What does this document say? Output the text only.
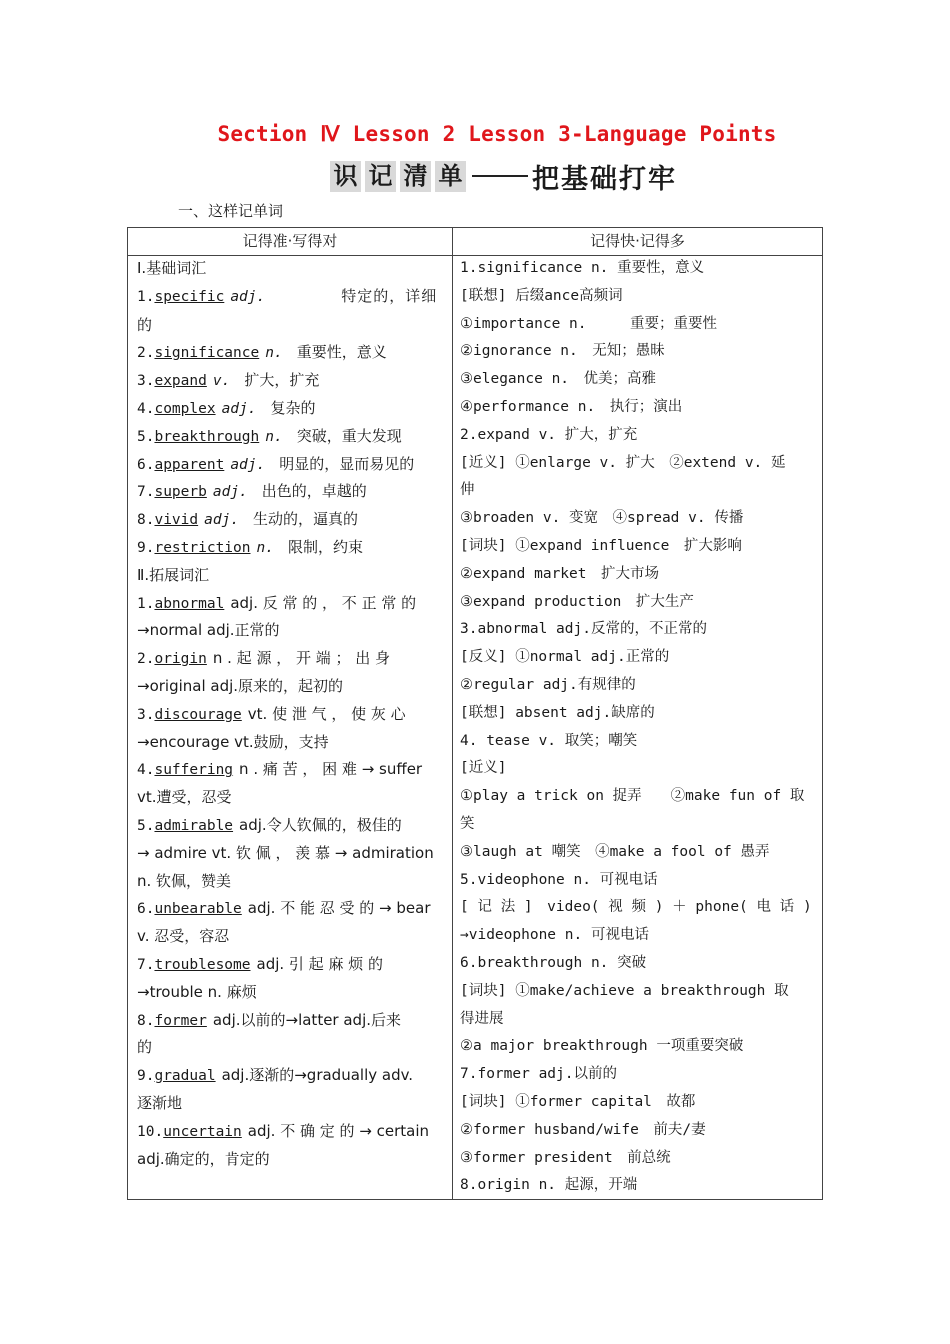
Section Ⅳ Lesson 2 Lesson 3-Language Points
识 记 清 单	把基础打牢
一、这样记单词
记得准·写得对	记得快·记得多
Ⅰ.基础词汇
1.specific adj.	特定的，详细的
2.significance n. 重要性，意义
3.expand v. 扩大，扩充
4.complex adj. 复杂的
5.breakthrough n. 突破，重大发现
6.apparent adj. 明显的，显而易见的
7.superb adj. 出色的，卓越的
8.vivid adj. 生动的，逼真的
9.restriction n. 限制，约束
Ⅱ.拓展词汇
1.abnormal adj. 反 常 的 ， 不 正 常 的
→normal adj.正常的
2.origin n . 起 源 ， 开 端 ； 出 身
→original adj.原来的，起初的
3.discourage vt. 使 泄 气 ， 使 灰 心
→encourage vt.鼓励，支持
4.suffering n . 痛 苦 ， 困 难 → suffer
vt.遭受，忍受
5.admirable adj.令人钦佩的，极佳的
→ admire vt. 钦 佩 ， 羡 慕 → admiration
n. 钦佩，赞美
6.unbearable adj. 不 能 忍 受 的 → bear
v. 忍受，容忍
7.troublesome adj. 引 起 麻 烦 的
→trouble n. 麻烦
8.former adj.以前的→latter adj.后来
的
9.gradual adj.逐渐的→gradually adv.
逐渐地
10.uncertain adj. 不 确 定 的 → certain
adj.确定的，肯定的
1.significance n. 重要性，意义
[联想] 后缀ance高频词
①importance n.　　　重要；重要性
②ignorance n.　无知；愚昧
③elegance n.　优美；高雅
④performance n.　执行；演出
2.expand v. 扩大，扩充
[近义] ①enlarge v. 扩大　②extend v. 延
伸
③broaden v. 变宽　④spread v. 传播
[词块] ①expand influence　扩大影响
②expand market　扩大市场
③expand production　扩大生产
3.abnormal adj.反常的，不正常的
[反义] ①normal adj.正常的
②regular adj.有规律的
[联想] absent adj.缺席的
4. tease v. 取笑；嘲笑
[近义]
①play a trick on 捉弄　　②make fun of 取
笑
③laugh at 嘲笑　④make a fool of 愚弄
5.videophone n. 可视电话
[ 记 法 ]　video( 视 频 ) ＋ phone( 电 话 )
→videophone n. 可视电话
6.breakthrough n. 突破
[词块] ①make/achieve a breakthrough 取
得进展
②a major breakthrough 一项重要突破
7.former adj.以前的
[词块] ①former capital　故都
②former husband/wife　前夫/妻
③former president　前总统
8.origin n. 起源，开端
